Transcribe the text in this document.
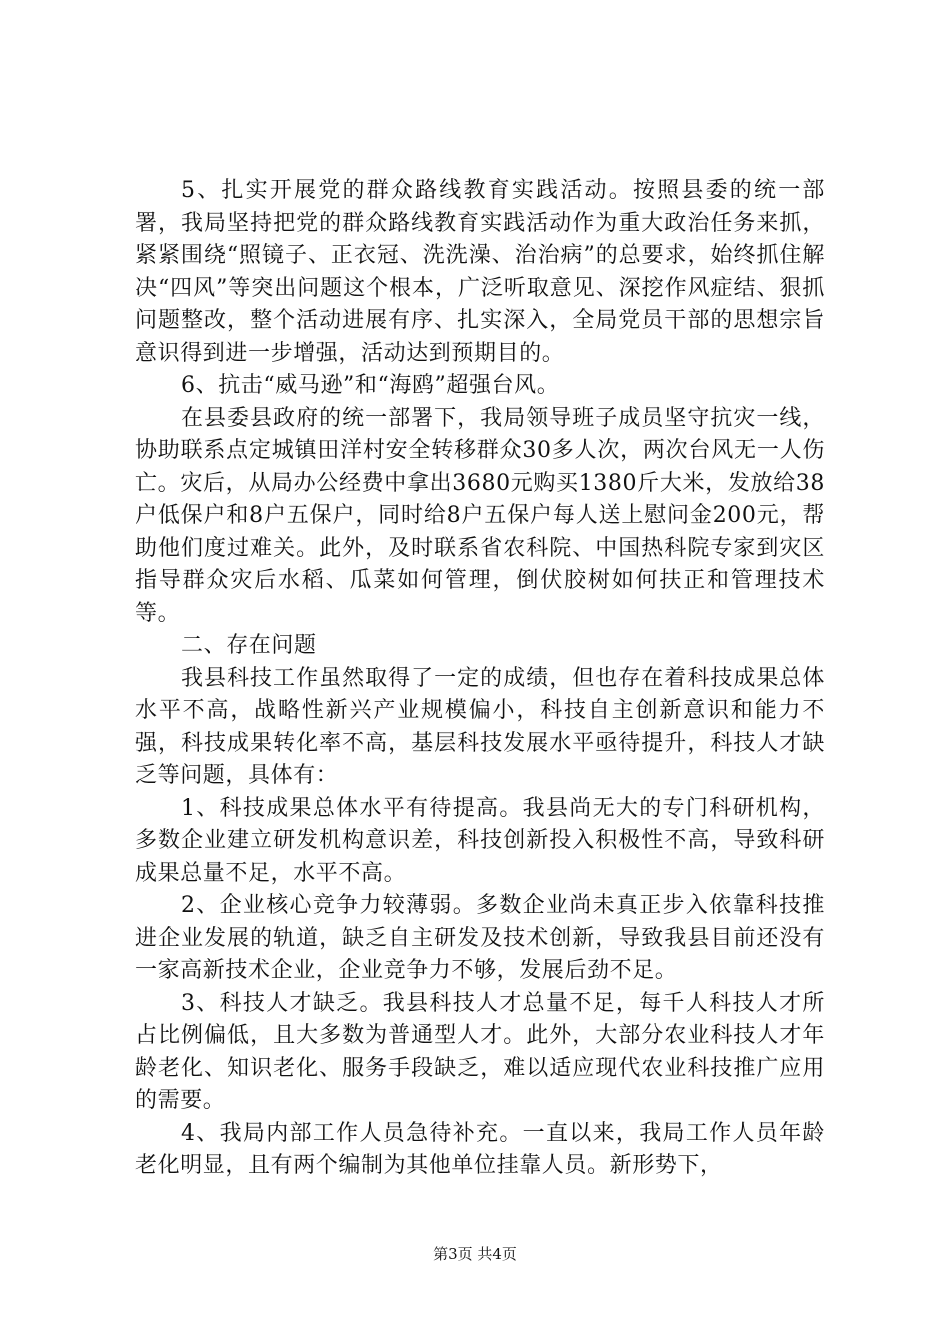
5、扎实开展党的群众路线教育实践活动。按照县委的统一部署，我局坚持把党的群众路线教育实践活动作为重大政治任务来抓，紧紧围绕“照镜子、正衣冠、洗洗澡、治治病”的总要求，始终抓住解决“四风”等突出问题这个根本，广泛听取意见、深挖作风症结、狠抓问题整改，整个活动进展有序、扎实深入，全局党员干部的思想宗旨意识得到进一步增强，活动达到预期目的。

6、抗击“威马逊”和“海鸥”超强台风。

在县委县政府的统一部署下，我局领导班子成员坚守抗灾一线，协助联系点定城镇田洋村安全转移群众30多人次，两次台风无一人伤亡。灾后，从局办公经费中拿出3680元购买1380斤大米，发放给38户低保户和8户五保户，同时给8户五保户每人送上慰问金200元，帮助他们度过难关。此外，及时联系省农科院、中国热科院专家到灾区指导群众灾后水稻、瓜菜如何管理，倒伏胶树如何扶正和管理技术等。

二、存在问题

我县科技工作虽然取得了一定的成绩，但也存在着科技成果总体水平不高，战略性新兴产业规模偏小，科技自主创新意识和能力不强，科技成果转化率不高，基层科技发展水平亟待提升，科技人才缺乏等问题，具体有：

1、科技成果总体水平有待提高。我县尚无大的专门科研机构，多数企业建立研发机构意识差，科技创新投入积极性不高，导致科研成果总量不足，水平不高。

2、企业核心竞争力较薄弱。多数企业尚未真正步入依靠科技推进企业发展的轨道，缺乏自主研发及技术创新，导致我县目前还没有一家高新技术企业，企业竞争力不够，发展后劲不足。

3、科技人才缺乏。我县科技人才总量不足，每千人科技人才所占比例偏低，且大多数为普通型人才。此外，大部分农业科技人才年龄老化、知识老化、服务手段缺乏，难以适应现代农业科技推广应用的需要。

4、我局内部工作人员急待补充。一直以来，我局工作人员年龄老化明显，且有两个编制为其他单位挂靠人员。新形势下，

第3页 共4页
